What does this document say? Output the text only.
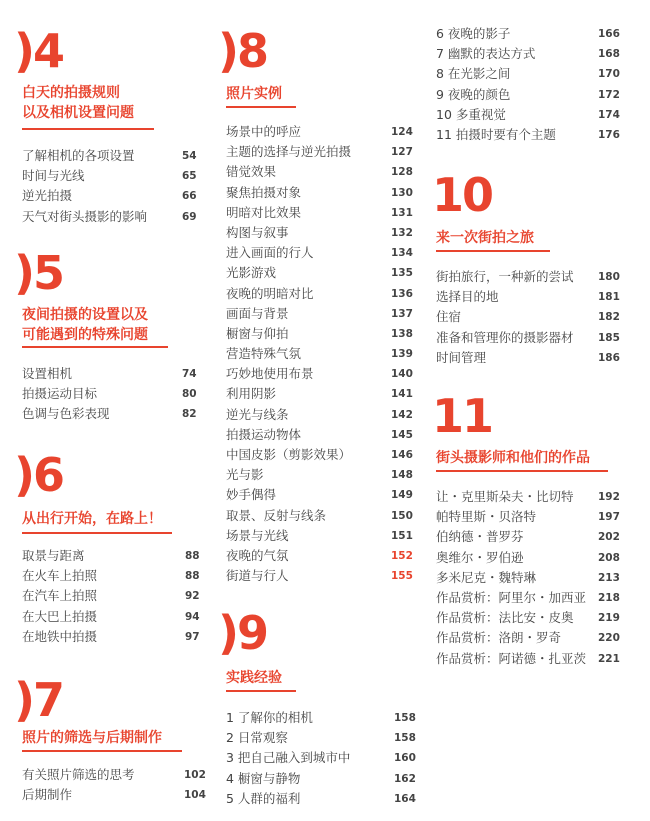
)4
白天的拍摄规则
以及相机设置问题
了解相机的各项设置	54
时间与光线	65
逆光拍摄	66
天气对街头摄影的影响	69
)5
夜间拍摄的设置以及
可能遇到的特殊问题
设置相机	74
拍摄运动目标	80
色调与色彩表现	82
)6
从出行开始，在路上！
取景与距离	88
在火车上拍照	88
在汽车上拍照	92
在大巴上拍摄	94
在地铁中拍摄	97
)7
照片的筛选与后期制作
有关照片筛选的思考	102
后期制作	104
)8
照片实例
场景中的呼应	124
主题的选择与逆光拍摄	127
错觉效果	128
聚焦拍摄对象	130
明暗对比效果	131
构图与叙事	132
进入画面的行人	134
光影游戏	135
夜晚的明暗对比	136
画面与背景	137
橱窗与仰拍	138
营造特殊气氛	139
巧妙地使用布景	140
利用阴影	141
逆光与线条	142
拍摄运动物体	145
中国皮影（剪影效果）	146
光与影	148
妙手偶得	149
取景、反射与线条	150
场景与光线	151
夜晚的气氛	152
街道与行人	155
)9
实践经验
1 了解你的相机	158
2 日常观察	158
3 把自己融入到城市中	160
4 橱窗与静物	162
5 人群的福利	164
6 夜晚的影子	166
7 幽默的表达方式	168
8 在光影之间	170
9 夜晚的颜色	172
10 多重视觉	174
11 拍摄时要有个主题	176
10
来一次街拍之旅
街拍旅行，一种新的尝试 180
选择目的地	181
住宿	182
准备和管理你的摄影器材 185
时间管理	186
11
街头摄影师和他们的作品
让・克里斯朵夫・比切特 192
帕特里斯・贝洛特	197
伯纳德・普罗芬	202
奥维尔・罗伯逊	208
多米尼克・魏特琳	213
作品赏析：阿里尔・加西亚 218
作品赏析：法比安・皮奥 219
作品赏析：洛朗・罗奇	220
作品赏析：阿诺德・扎亚茨 221
